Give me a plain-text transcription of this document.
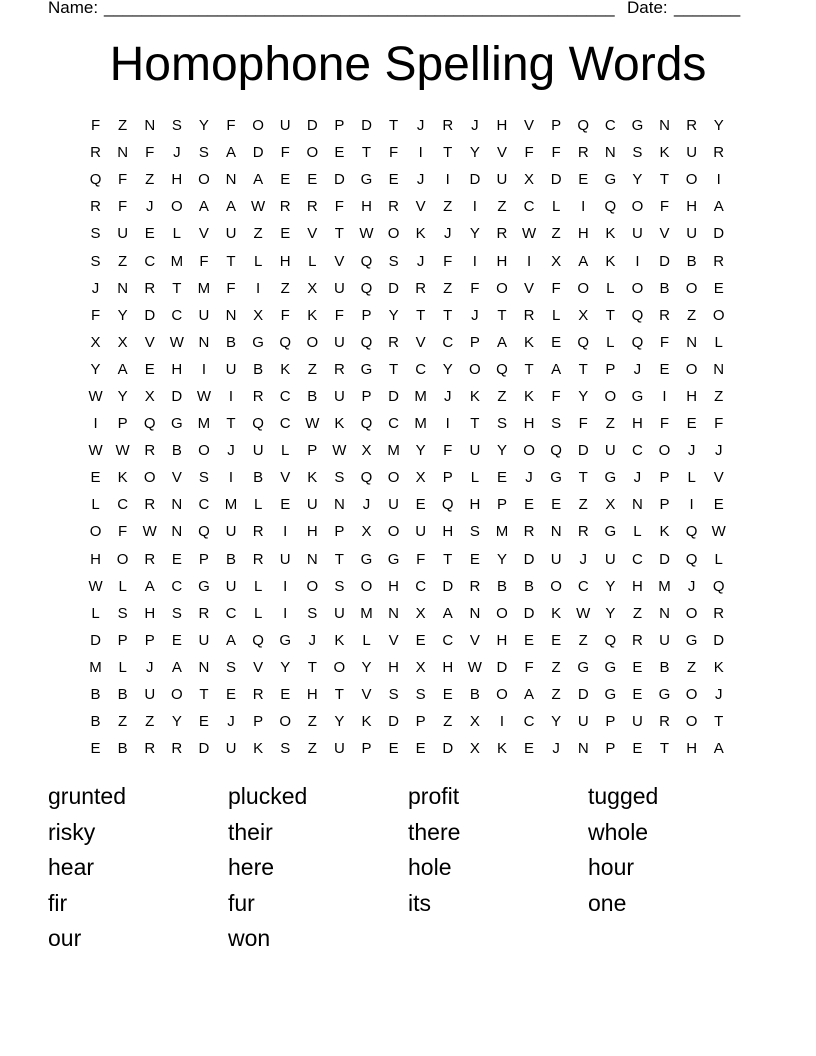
Name: ______________________________________________________ Date: _______
Homophone Spelling Words
F	Z	N	S	Y	F	O	U	D	P	D	T	J	R	J	H	V	P	Q	C	G	N	R	Y
R	N	F	J	S	A	D	F	O	E	T	F	I	T	Y	V	F	F	R	N	S	K	U	R
Q	F	Z	H	O	N	A	E	E	D	G	E	J	I	D	U	X	D	E	G	Y	T	O	I
R	F	J	O	A	A	W R	R	F	H	R	V	Z	I	Z	C	L	I	Q	O	F	H	A
S	U	E	L	V	U	Z	E	V	T	W O	K	J	Y	R W	Z	H	K	U	V	U	D
S	Z	C	M	F	T	L	H	L	V	Q	S	J	F	I	H	I	X	A	K	I	D	B	R
J	N	R	T	M	F	I	Z	X	U	Q	D	R	Z	F	O	V	F	O	L	O	B	O	E
F	Y	D	C	U	N	X	F	K	F	P	Y	T	T	J	T	R	L	X	T	Q	R	Z	O
X	X	V	W N	B	G	Q	O	U	Q	R	V	C	P	A	K	E	Q	L	Q	F	N	L
Y	A	E	H	I	U	B	K	Z	R	G	T	C	Y	O	Q	T	A	T	P	J	E	O	N
W	Y	X	D W	I	R	C	B	U	P	D	M	J	K	Z	K	F	Y	O	G	I	H	Z
I	P	Q	G	M	T	Q	C W	K	Q	C	M	I	T	S	H	S	F	Z	H	F	E	F
W W R	B	O	J	U	L	P	W	X	M	Y	F	U	Y	O	Q	D	U	C	O	J	J
E	K	O	V	S	I	B	V	K	S	Q	O	X	P	L	E	J	G	T	G	J	P	L	V
L	C	R	N	C	M	L	E	U	N	J	U	E	Q	H	P	E	E	Z	X	N	P	I	E
O	F	W N	Q	U	R	I	H	P	X	O	U	H	S	M	R	N	R	G	L	K	Q W
H	O	R	E	P	B	R	U	N	T	G	G	F	T	E	Y	D	U	J	U	C	D	Q	L
W	L	A	C	G	U	L	I	O	S	O	H	C	D	R	B	B	O	C	Y	H	M	J	Q
L	S	H	S	R	C	L	I	S	U	M	N	X	A	N	O	D	K	W	Y	Z	N	O	R
D	P	P	E	U	A	Q	G	J	K	L	V	E	C	V	H	E	E	Z	Q	R	U	G	D
M	L	J	A	N	S	V	Y	T	O	Y	H	X	H W D	F	Z	G	G	E	B	Z	K
B	B	U	O	T	E	R	E	H	T	V	S	S	E	B	O	A	Z	D	G	E	G	O	J
B	Z	Z	Y	E	J	P	O	Z	Y	K	D	P	Z	X	I	C	Y	U	P	U	R	O	T
E	B	R	R	D	U	K	S	Z	U	P	E	E	D	X	K	E	J	N	P	E	T	H	A
grunted	plucked	profit	tugged
risky	their	there	whole
hear	here	hole	hour
fir	fur	its	one
our	won
